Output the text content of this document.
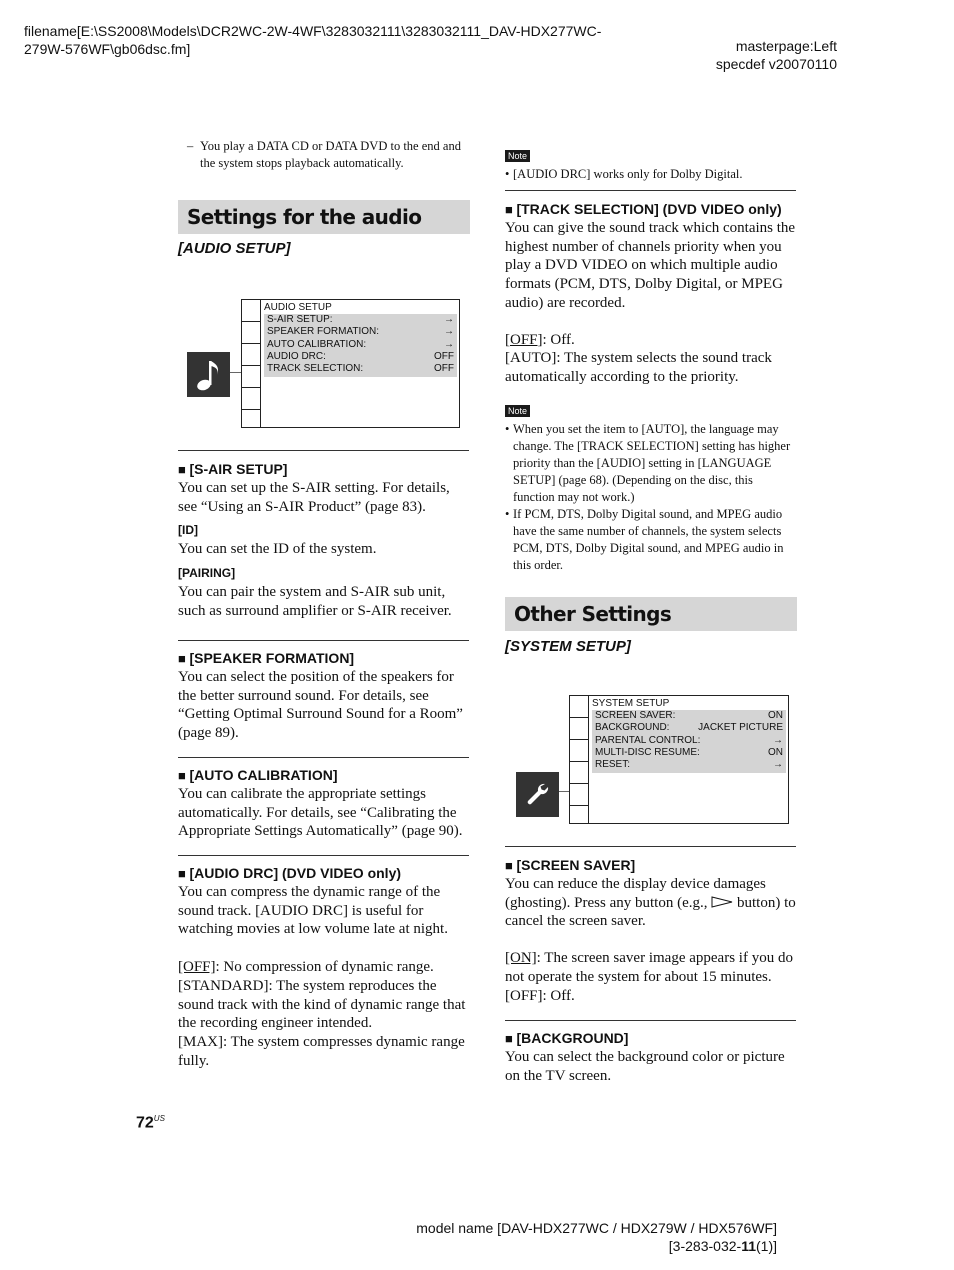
filename[E:\SS2008\Models\DCR2WC-2W-4WF\3283032111\3283032111_DAV-HDX277WC-
279W-576WF\gb06dsc.fm]	masterpage:Left
specdef v20070110
– You play a DATA CD or DATA DVD to the end and the system stops playback automatically.
Settings for the audio
[AUDIO SETUP]
AUDIO SETUP
S-AIR SETUP:	→
SPEAKER FORMATION:	→
AUTO CALIBRATION:	→
AUDIO DRC:	OFF
TRACK SELECTION:	OFF
■ [S-AIR SETUP]
You can set up the S-AIR setting. For details, see “Using an S-AIR Product” (page 83).
[ID]
You can set the ID of the system.
[PAIRING]
You can pair the system and S-AIR sub unit, such as surround amplifier or S-AIR receiver.
■ [SPEAKER FORMATION]
You can select the position of the speakers for the better surround sound. For details, see “Getting Optimal Surround Sound for a Room” (page 89).
■ [AUTO CALIBRATION]
You can calibrate the appropriate settings automatically. For details, see “Calibrating the Appropriate Settings Automatically” (page 90).
■ [AUDIO DRC] (DVD VIDEO only)
You can compress the dynamic range of the sound track. [AUDIO DRC] is useful for watching movies at low volume late at night.
[OFF]: No compression of dynamic range.
[STANDARD]: The system reproduces the sound track with the kind of dynamic range that the recording engineer intended.
[MAX]: The system compresses dynamic range fully.
$72^{US}$
Note
• [AUDIO DRC] works only for Dolby Digital.
■ [TRACK SELECTION] (DVD VIDEO only)
You can give the sound track which contains the highest number of channels priority when you play a DVD VIDEO on which multiple audio formats (PCM, DTS, Dolby Digital, or MPEG audio) are recorded.
[OFF]: Off.
[AUTO]: The system selects the sound track automatically according to the priority.
Note
• When you set the item to [AUTO], the language may change. The [TRACK SELECTION] setting has higher priority than the [AUDIO] setting in [LANGUAGE SETUP] (page 68). (Depending on the disc, this function may not work.)
• If PCM, DTS, Dolby Digital sound, and MPEG audio have the same number of channels, the system selects PCM, DTS, Dolby Digital sound, and MPEG audio in this order.
Other Settings
[SYSTEM SETUP]
SYSTEM SETUP
SCREEN SAVER:	ON
BACKGROUND:	JACKET PICTURE
PARENTAL CONTROL:	→
MULTI-DISC RESUME:	ON
RESET:	→
■ [SCREEN SAVER]
You can reduce the display device damages (ghosting). Press any button (e.g., button) to cancel the screen saver.
[ON]: The screen saver image appears if you do not operate the system for about 15 minutes.
[OFF]: Off.
■ [BACKGROUND]
You can select the background color or picture on the TV screen.
model name [DAV-HDX277WC / HDX279W / HDX576WF]
[3-283-032-11(1)]
